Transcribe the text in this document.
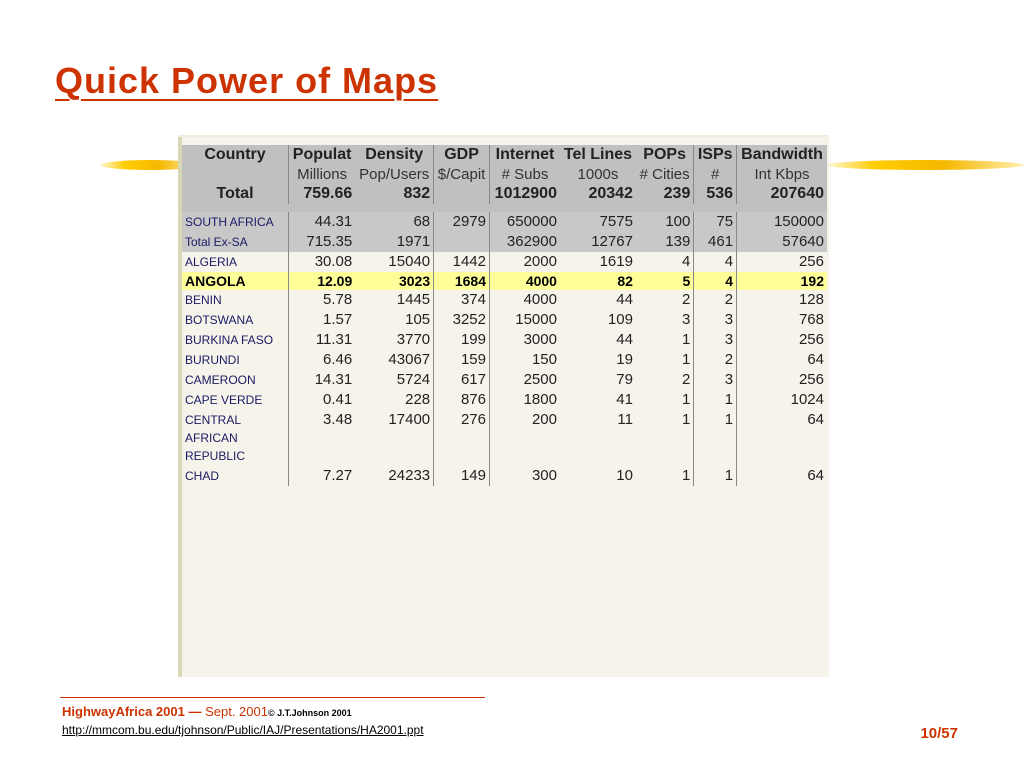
Quick Power of Maps
Country	Populat	Density	GDP	Internet	Tel Lines	POPs	ISPs	Bandwidth
	Millions	Pop/Users	$/Capit	# Subs	1000s	# Cities	#	Int Kbps
Total	759.66	832		1012900	20342	239	536	207640

SOUTH AFRICA	44.31	68	2979	650000	7575	100	75	150000
Total Ex-SA	715.35	1971		362900	12767	139	461	57640
ALGERIA	30.08	15040	1442	2000	1619	4	4	256
ANGOLA	12.09	3023	1684	4000	82	5	4	192
BENIN	5.78	1445	374	4000	44	2	2	128
BOTSWANA	1.57	105	3252	15000	109	3	3	768
BURKINA FASO	11.31	3770	199	3000	44	1	3	256
BURUNDI	6.46	43067	159	150	19	1	2	64
CAMEROON	14.31	5724	617	2500	79	2	3	256
CAPE VERDE	0.41	228	876	1800	41	1	1	1024
CENTRAL AFRICAN REPUBLIC	3.48	17400	276	200	11	1	1	64
CHAD	7.27	24233	149	300	10	1	1	64
HighwayAfrica 2001 — Sept. 2001© J.T.Johnson 2001
http://mmcom.bu.edu/tjohnson/Public/IAJ/Presentations/HA2001.ppt	10/57
